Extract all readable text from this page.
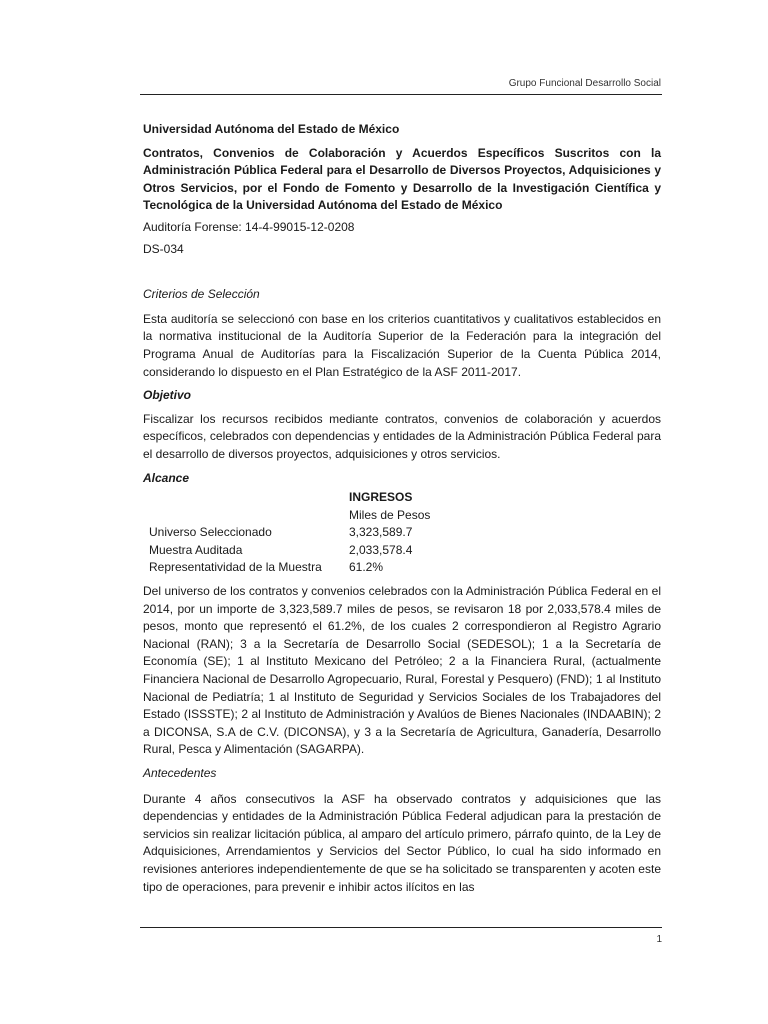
Grupo Funcional Desarrollo Social

Universidad Autónoma del Estado de México

Contratos, Convenios de Colaboración y Acuerdos Específicos Suscritos con la Administración Pública Federal para el Desarrollo de Diversos Proyectos, Adquisiciones y Otros Servicios, por el Fondo de Fomento y Desarrollo de la Investigación Científica y Tecnológica de la Universidad Autónoma del Estado de México

Auditoría Forense: 14-4-99015-12-0208

DS-034

Criterios de Selección

Esta auditoría se seleccionó con base en los criterios cuantitativos y cualitativos establecidos en la normativa institucional de la Auditoría Superior de la Federación para la integración del Programa Anual de Auditorías para la Fiscalización Superior de la Cuenta Pública 2014, considerando lo dispuesto en el Plan Estratégico de la ASF 2011-2017.

Objetivo

Fiscalizar los recursos recibidos mediante contratos, convenios de colaboración y acuerdos específicos, celebrados con dependencias y entidades de la Administración Pública Federal para el desarrollo de diversos proyectos, adquisiciones y otros servicios.

Alcance

	INGRESOS
	Miles de Pesos
Universo Seleccionado	3,323,589.7
Muestra Auditada	2,033,578.4
Representatividad de la Muestra	61.2%

Del universo de los contratos y convenios celebrados con la Administración Pública Federal en el 2014, por un importe de 3,323,589.7 miles de pesos, se revisaron 18 por 2,033,578.4 miles de pesos, monto que representó el 61.2%, de los cuales 2 correspondieron al Registro Agrario Nacional (RAN); 3 a la Secretaría de Desarrollo Social (SEDESOL); 1 a la Secretaría de Economía (SE); 1 al Instituto Mexicano del Petróleo; 2 a la Financiera Rural, (actualmente Financiera Nacional de Desarrollo Agropecuario, Rural, Forestal y Pesquero) (FND); 1 al Instituto Nacional de Pediatría; 1 al Instituto de Seguridad y Servicios Sociales de los Trabajadores del Estado (ISSSTE); 2 al Instituto de Administración y Avalúos de Bienes Nacionales (INDAABIN); 2 a DICONSA, S.A de C.V. (DICONSA), y 3 a la Secretaría de Agricultura, Ganadería, Desarrollo Rural, Pesca y Alimentación (SAGARPA).

Antecedentes

Durante 4 años consecutivos la ASF ha observado contratos y adquisiciones que las dependencias y entidades de la Administración Pública Federal adjudican para la prestación de servicios sin realizar licitación pública, al amparo del artículo primero, párrafo quinto, de la Ley de Adquisiciones, Arrendamientos y Servicios del Sector Público, lo cual ha sido informado en revisiones anteriores independientemente de que se ha solicitado se transparenten y acoten este tipo de operaciones, para prevenir e inhibir actos ilícitos en las

1
